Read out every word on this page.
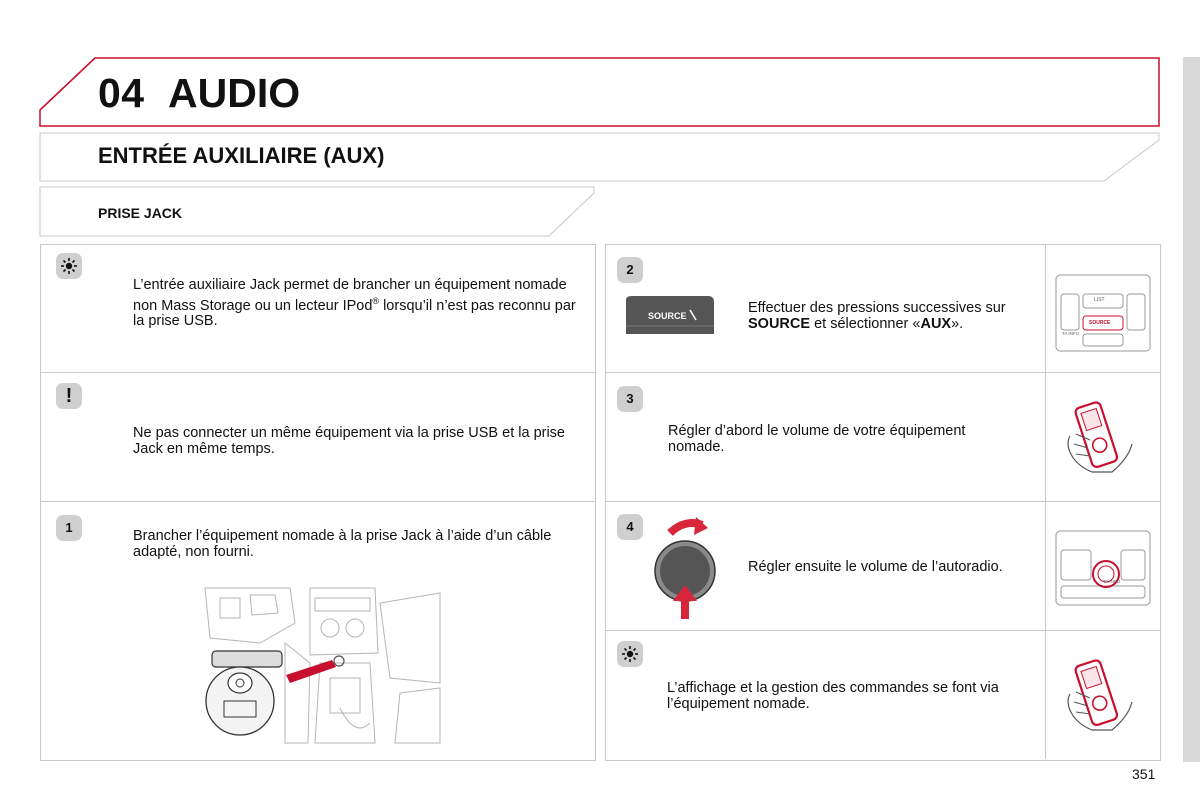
04 AUDIO
ENTRÉE AUXILIAIRE (AUX)
PRISE JACK
L’entrée auxiliaire Jack permet de brancher un équipement nomade non Mass Storage ou un lecteur IPod® lorsqu’il n’est pas reconnu par la prise USB.
!
Ne pas connecter un même équipement via la prise USB et la prise Jack en même temps.
1
Brancher l’équipement nomade à la prise Jack à l’aide d’un câble adapté, non fourni.
2
SOURCE	Effectuer des pressions successives sur SOURCE et sélectionner «AUX».
LIST
SOURCE
TA INFO
3
Régler d’abord le volume de votre équipement nomade.
4
Régler ensuite le volume de l’autoradio.
TA INFO
L’affichage et la gestion des commandes se font via l’équipement nomade.
351
